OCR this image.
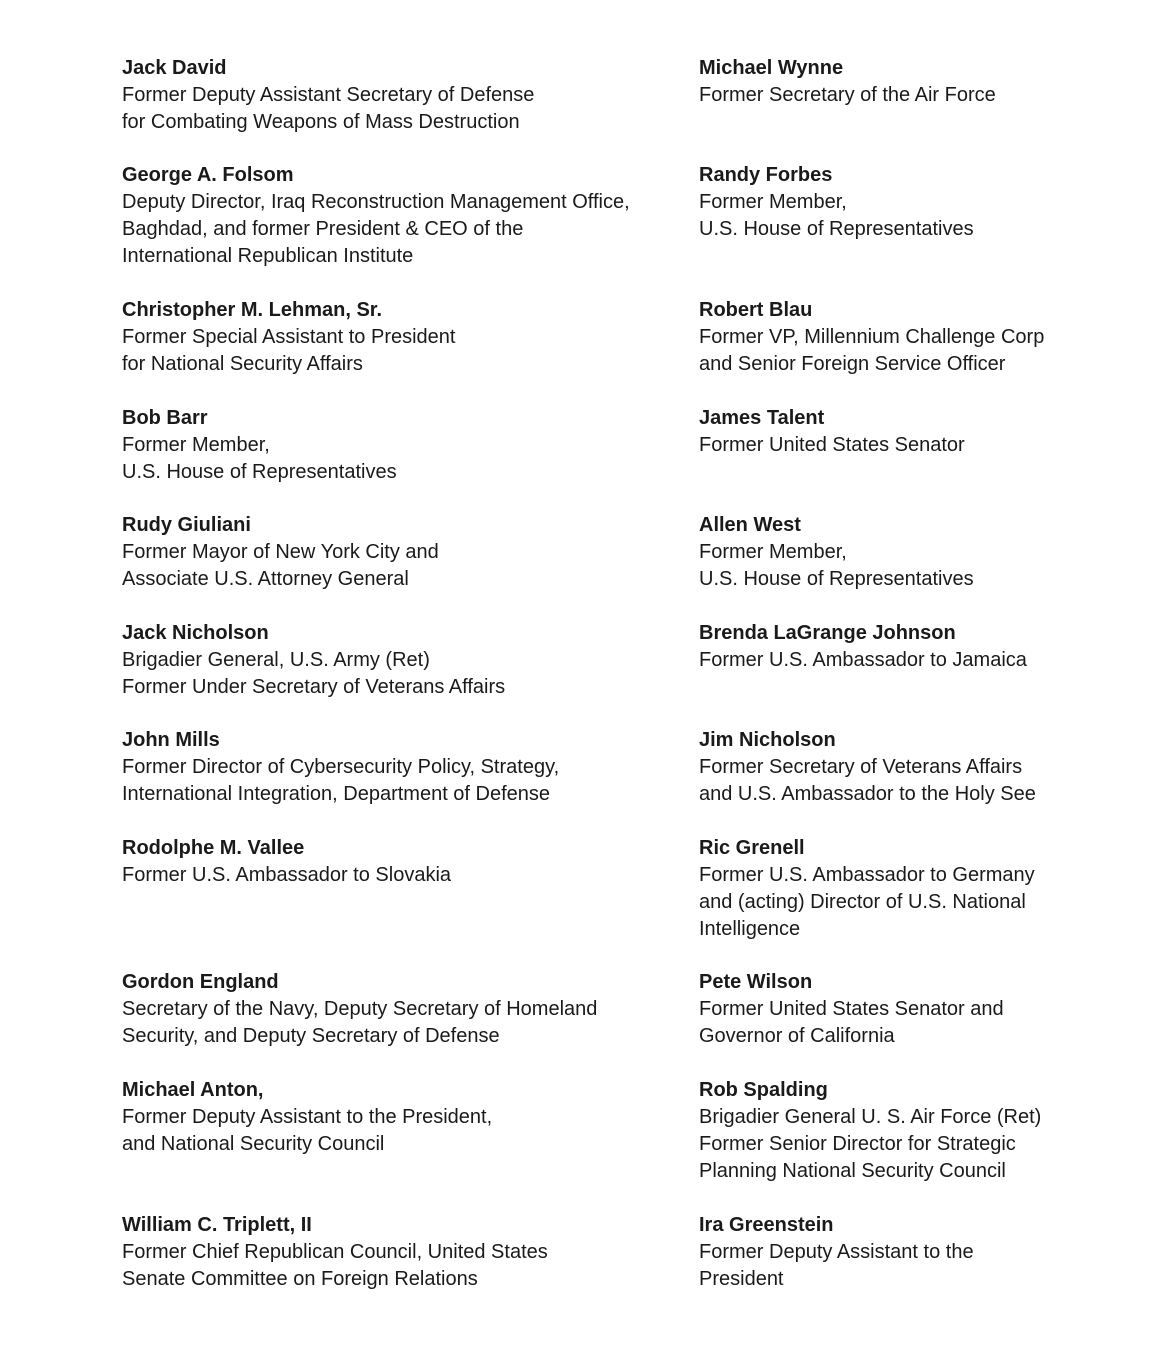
Jack David
Former Deputy Assistant Secretary of Defense
for Combating Weapons of Mass Destruction
George A. Folsom
Deputy Director, Iraq Reconstruction Management Office,
Baghdad, and former President & CEO of the
International Republican Institute
Christopher M. Lehman, Sr.
Former Special Assistant to President
for National Security Affairs
Bob Barr
Former Member,
U.S. House of Representatives
Rudy Giuliani
Former Mayor of New York City and
Associate U.S. Attorney General
Jack Nicholson
Brigadier General, U.S. Army (Ret)
Former Under Secretary of Veterans Affairs
John Mills
Former Director of Cybersecurity Policy, Strategy,
International Integration, Department of Defense
Rodolphe M. Vallee
Former U.S. Ambassador to Slovakia
Gordon England
Secretary of the Navy, Deputy Secretary of Homeland
Security, and Deputy Secretary of Defense
Michael Anton,
Former Deputy Assistant to the President,
and National Security Council
William C. Triplett, II
Former Chief Republican Council, United States
Senate Committee on Foreign Relations
Michael Wynne
Former Secretary of the Air Force
Randy Forbes
Former Member,
U.S. House of Representatives
Robert Blau
Former VP, Millennium Challenge Corp
and Senior Foreign Service Officer
James Talent
Former United States Senator
Allen West
Former Member,
U.S. House of Representatives
Brenda LaGrange Johnson
Former U.S. Ambassador to Jamaica
Jim Nicholson
Former Secretary of Veterans Affairs
and U.S. Ambassador to the Holy See
Ric Grenell
Former U.S. Ambassador to Germany
and (acting) Director of U.S. National
Intelligence
Pete Wilson
Former United States Senator and
Governor of California
Rob Spalding
Brigadier General U. S. Air Force (Ret)
Former Senior Director for Strategic
Planning National Security Council
Ira Greenstein
Former Deputy Assistant to the
President
